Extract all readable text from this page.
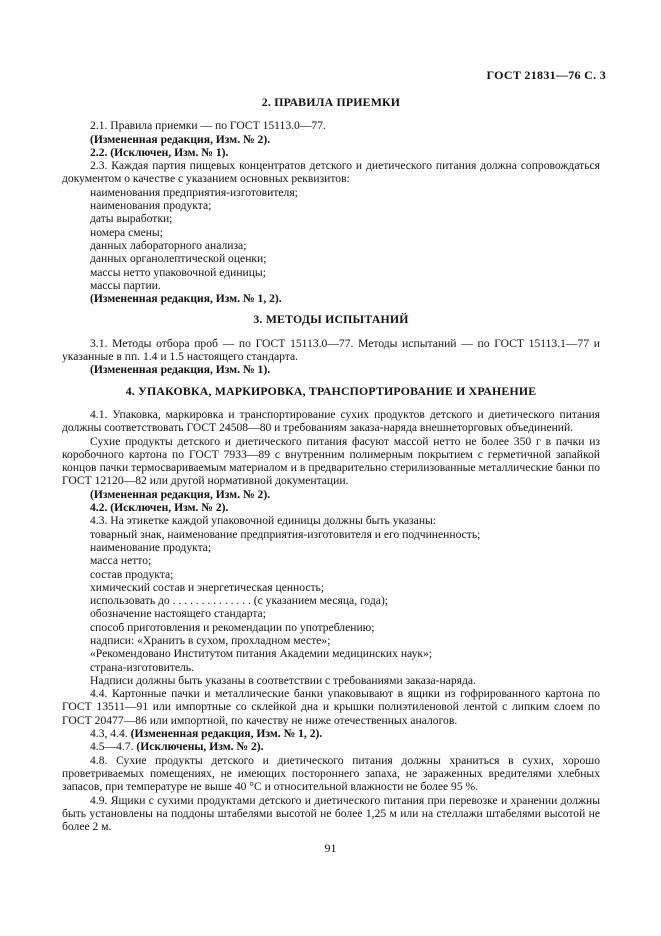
ГОСТ 21831—76 С. 3
2. ПРАВИЛА ПРИЕМКИ

2.1. Правила приемки — по ГОСТ 15113.0—77.

(Измененная редакция, Изм. № 2).

2.2. (Исключен, Изм. № 1).

2.3. Каждая партия пищевых концентратов детского и диетического питания должна сопровождаться документом о качестве с указанием основных реквизитов:

наименования предприятия-изготовителя;

наименования продукта;

даты выработки;

номера смены;

данных лабораторного анализа;

данных органолептической оценки;

массы нетто упаковочной единицы;

массы партии.

(Измененная редакция, Изм. № 1, 2).

3. МЕТОДЫ ИСПЫТАНИЙ

3.1. Методы отбора проб — по ГОСТ 15113.0—77. Методы испытаний — по ГОСТ 15113.1—77 и указанные в пп. 1.4 и 1.5 настоящего стандарта.

(Измененная редакция, Изм. № 1).

4. УПАКОВКА, МАРКИРОВКА, ТРАНСПОРТИРОВАНИЕ И ХРАНЕНИЕ

4.1. Упаковка, маркировка и транспортирование сухих продуктов детского и диетического питания должны соответствовать ГОСТ 24508—80 и требованиям заказа-наряда внешнеторговых объединений.

Сухие продукты детского и диетического питания фасуют массой нетто не более 350 г в пачки из коробочного картона по ГОСТ 7933—89 с внутренним полимерным покрытием с герметичной запайкой концов пачки термосвариваемым материалом и в предварительно стерилизованные металлические банки по ГОСТ 12120—82 или другой нормативной документации.

(Измененная редакция, Изм. № 2).

4.2. (Исключен, Изм. № 2).

4.3. На этикетке каждой упаковочной единицы должны быть указаны:

товарный знак, наименование предприятия-изготовителя и его подчиненность;

наименование продукта;

масса нетто;

состав продукта;

химический состав и энергетическая ценность;

использовать до . . . . . . . . . . . . . . (с указанием месяца, года);

обозначение настоящего стандарта;

способ приготовления и рекомендации по употреблению;

надписи: «Хранить в сухом, прохладном месте»;

«Рекомендовано Институтом питания Академии медицинских наук»;

страна-изготовитель.

Надписи должны быть указаны в соответствии с требованиями заказа-наряда.

4.4. Картонные пачки и металлические банки упаковывают в ящики из гофрированного картона по ГОСТ 13511—91 или импортные со склейкой дна и крышки полиэтиленовой лентой с липким слоем по ГОСТ 20477—86 или импортной, по качеству не ниже отечественных аналогов.

4.3, 4.4. (Измененная редакция, Изм. № 1, 2).

4.5—4.7. (Исключены, Изм. № 2).

4.8. Сухие продукты детского и диетического питания должны храниться в сухих, хорошо проветриваемых помещениях, не имеющих постороннего запаха, не зараженных вредителями хлебных запасов, при температуре не выше 40 °С и относительной влажности не более 95 %.

4.9. Ящики с сухими продуктами детского и диетического питания при перевозке и хранении должны быть установлены на поддоны штабелями высотой не более 1,25 м или на стеллажи штабелями высотой не более 2 м.

91
